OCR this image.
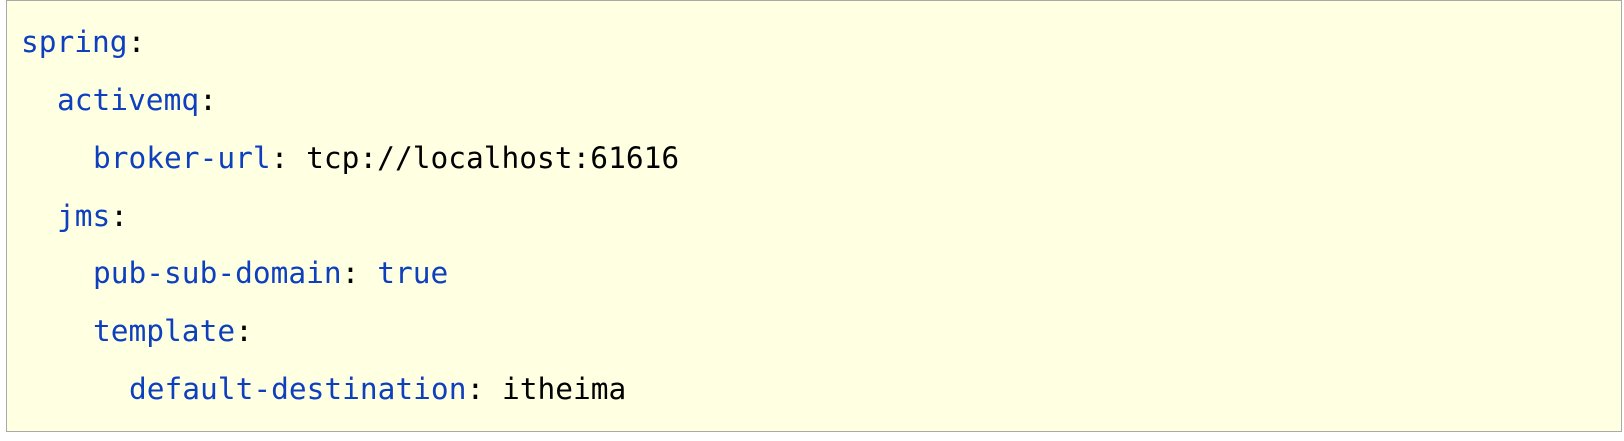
spring:
activemq:
broker-url: tcp://localhost:61616
jms:
pub-sub-domain: true
template:
default-destination: itheima
